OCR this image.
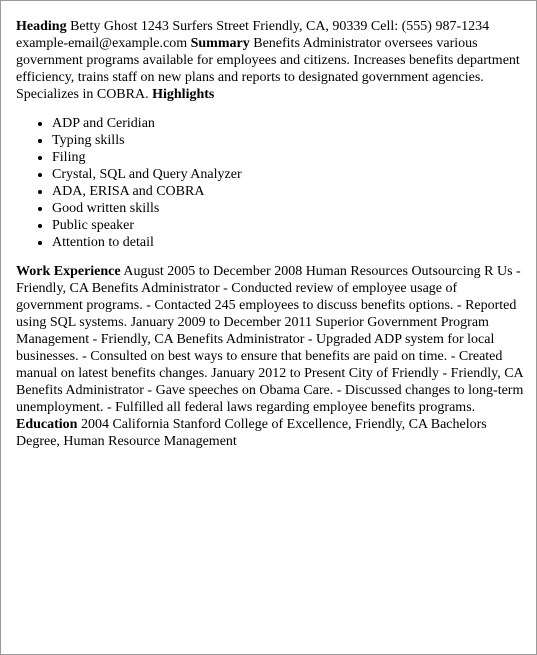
Heading Betty Ghost 1243 Surfers Street Friendly, CA, 90339 Cell: (555) 987-1234 example-email@example.com Summary Benefits Administrator oversees various government programs available for employees and citizens. Increases benefits department efficiency, trains staff on new plans and reports to designated government agencies. Specializes in COBRA. Highlights

• ADP and Ceridian
• Typing skills
• Filing
• Crystal, SQL and Query Analyzer
• ADA, ERISA and COBRA
• Good written skills
• Public speaker
• Attention to detail

Work Experience August 2005 to December 2008 Human Resources Outsourcing R Us - Friendly, CA Benefits Administrator - Conducted review of employee usage of government programs. - Contacted 245 employees to discuss benefits options. - Reported using SQL systems. January 2009 to December 2011 Superior Government Program Management - Friendly, CA Benefits Administrator - Upgraded ADP system for local businesses. - Consulted on best ways to ensure that benefits are paid on time. - Created manual on latest benefits changes. January 2012 to Present City of Friendly - Friendly, CA Benefits Administrator - Gave speeches on Obama Care. - Discussed changes to long-term unemployment. - Fulfilled all federal laws regarding employee benefits programs. Education 2004 California Stanford College of Excellence, Friendly, CA Bachelors Degree, Human Resource Management
